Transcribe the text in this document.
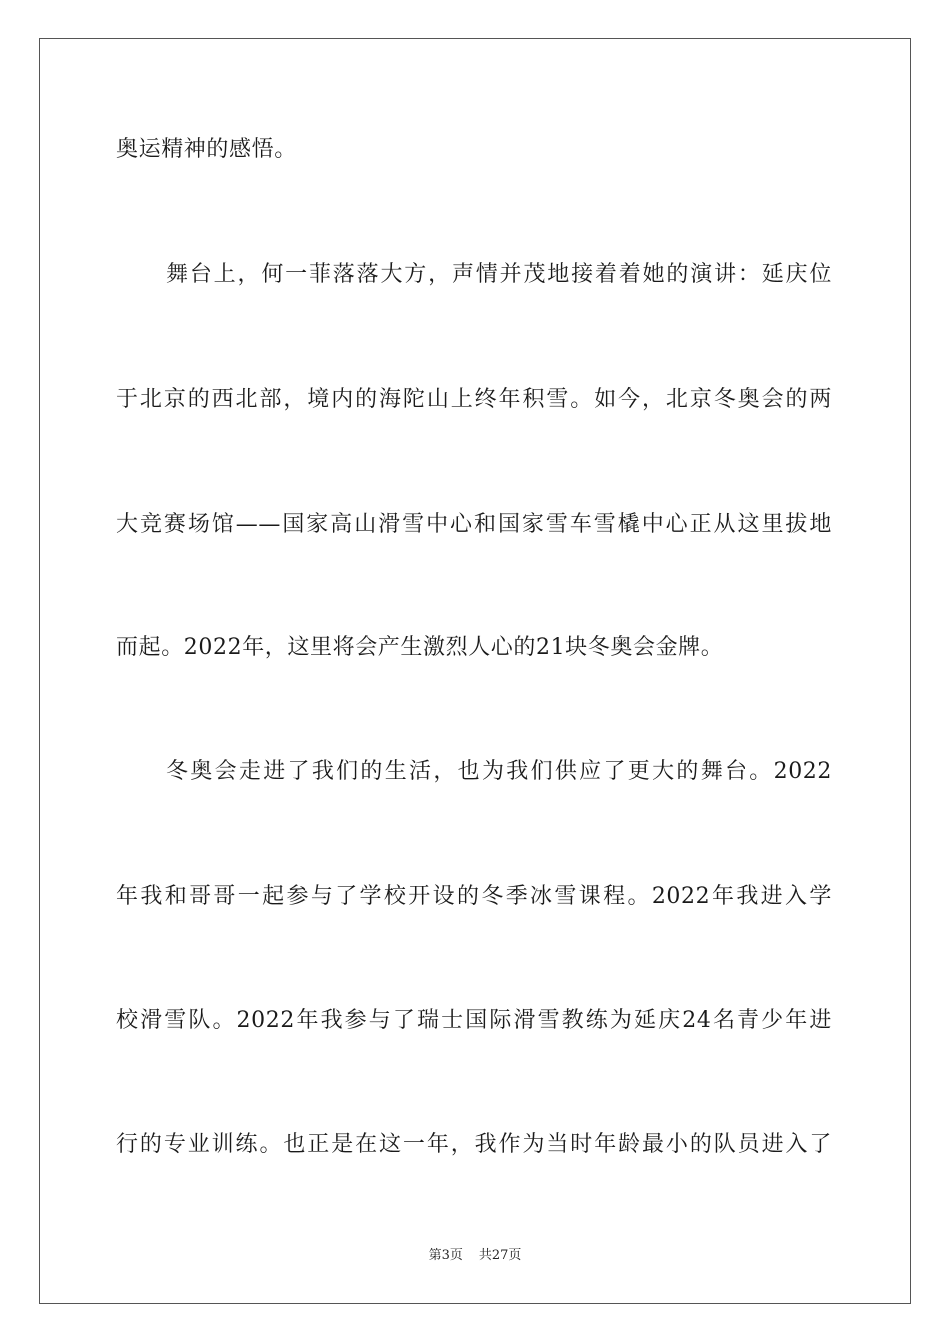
奥运精神的感悟。
舞台上，何一菲落落大方，声情并茂地接着着她的演讲：延庆位
于北京的西北部，境内的海陀山上终年积雪。如今，北京冬奥会的两
大竞赛场馆——国家高山滑雪中心和国家雪车雪橇中心正从这里拔地
而起。2022年，这里将会产生激烈人心的21块冬奥会金牌。
冬奥会走进了我们的生活，也为我们供应了更大的舞台。2022
年我和哥哥一起参与了学校开设的冬季冰雪课程。2022年我进入学
校滑雪队。2022年我参与了瑞士国际滑雪教练为延庆24名青少年进
行的专业训练。也正是在这一年，我作为当时年龄最小的队员进入了
第3页 共27页
